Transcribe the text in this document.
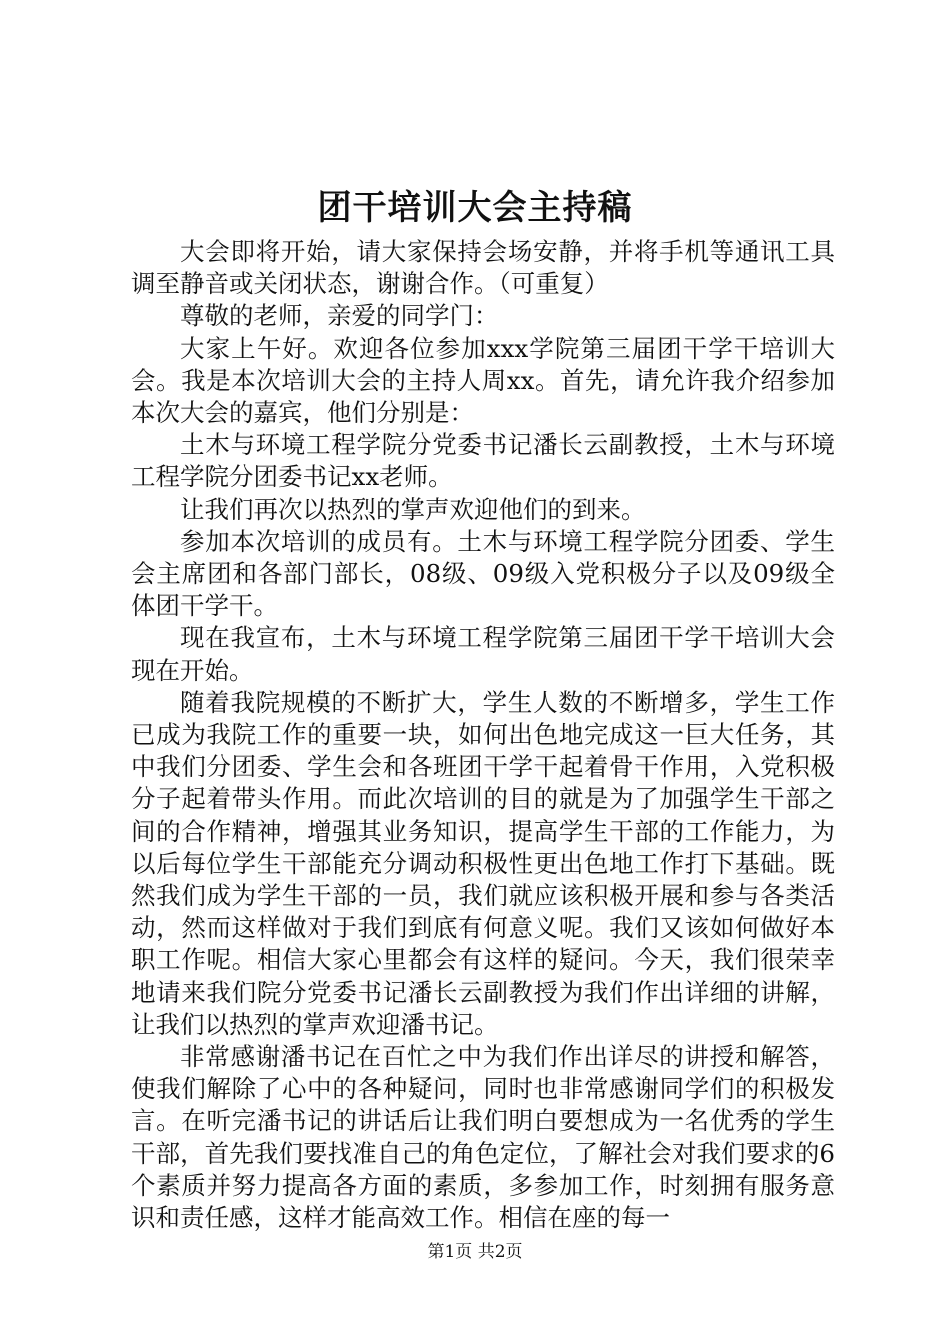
团干培训大会主持稿

大会即将开始，请大家保持会场安静，并将手机等通讯工具调至静音或关闭状态，谢谢合作。（可重复）

尊敬的老师，亲爱的同学门：

大家上午好。欢迎各位参加xxx学院第三届团干学干培训大会。我是本次培训大会的主持人周xx。首先，请允许我介绍参加本次大会的嘉宾，他们分别是：

土木与环境工程学院分党委书记潘长云副教授，土木与环境工程学院分团委书记xx老师。

让我们再次以热烈的掌声欢迎他们的到来。

参加本次培训的成员有。土木与环境工程学院分团委、学生会主席团和各部门部长，08级、09级入党积极分子以及09级全体团干学干。

现在我宣布，土木与环境工程学院第三届团干学干培训大会现在开始。

随着我院规模的不断扩大，学生人数的不断增多，学生工作已成为我院工作的重要一块，如何出色地完成这一巨大任务，其中我们分团委、学生会和各班团干学干起着骨干作用，入党积极分子起着带头作用。而此次培训的目的就是为了加强学生干部之间的合作精神，增强其业务知识，提高学生干部的工作能力，为以后每位学生干部能充分调动积极性更出色地工作打下基础。既然我们成为学生干部的一员，我们就应该积极开展和参与各类活动，然而这样做对于我们到底有何意义呢。我们又该如何做好本职工作呢。相信大家心里都会有这样的疑问。今天，我们很荣幸地请来我们院分党委书记潘长云副教授为我们作出详细的讲解，让我们以热烈的掌声欢迎潘书记。

非常感谢潘书记在百忙之中为我们作出详尽的讲授和解答，使我们解除了心中的各种疑问，同时也非常感谢同学们的积极发言。在听完潘书记的讲话后让我们明白要想成为一名优秀的学生干部，首先我们要找准自己的角色定位，了解社会对我们要求的6个素质并努力提高各方面的素质，多参加工作，时刻拥有服务意识和责任感，这样才能高效工作。相信在座的每一

第1页 共2页
